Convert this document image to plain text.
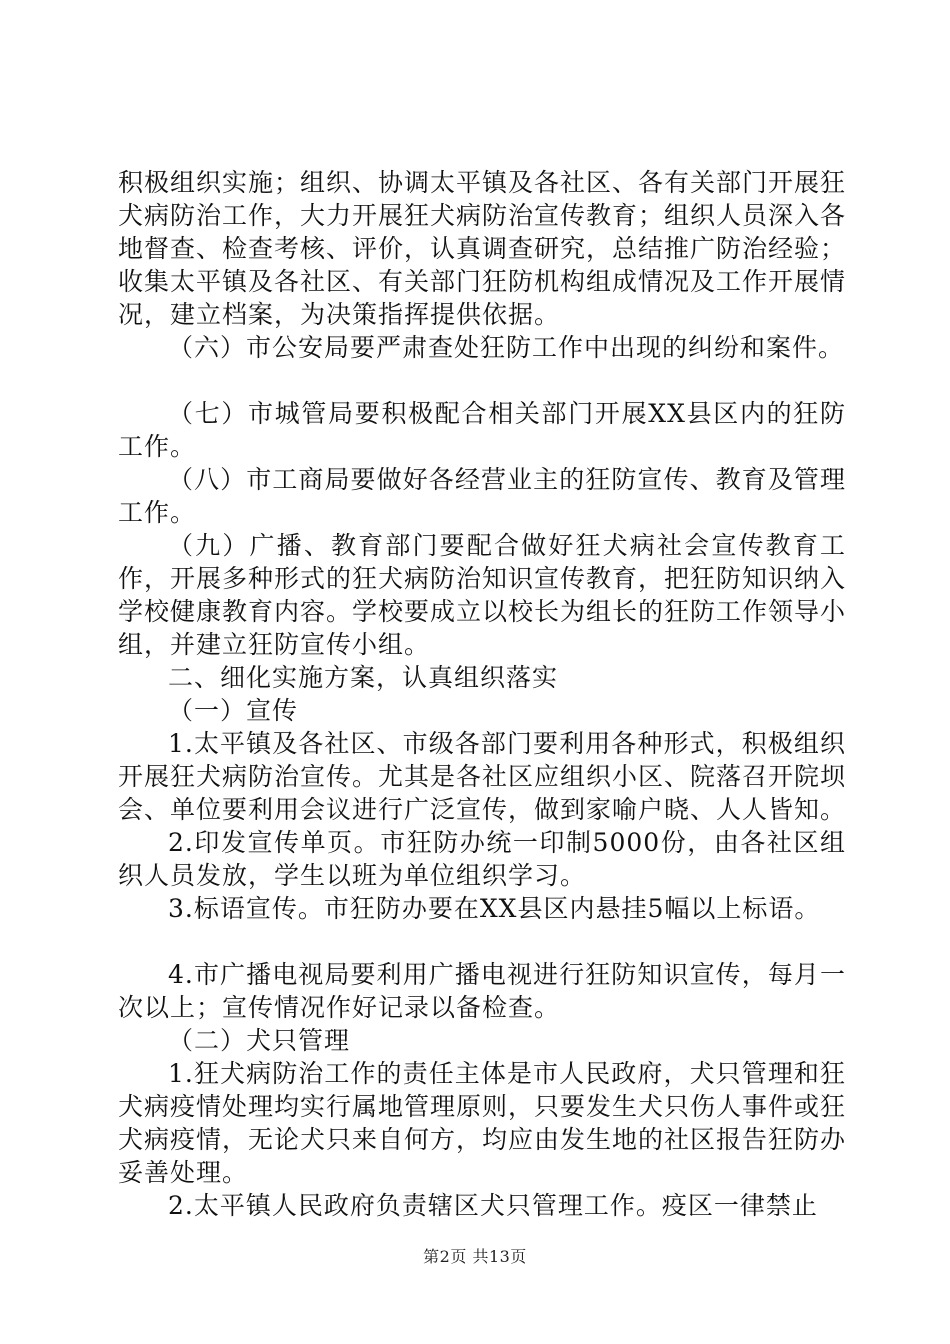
积极组织实施；组织、协调太平镇及各社区、各有关部门开展狂犬病防治工作，大力开展狂犬病防治宣传教育；组织人员深入各地督查、检查考核、评价，认真调查研究，总结推广防治经验；收集太平镇及各社区、有关部门狂防机构组成情况及工作开展情况，建立档案，为决策指挥提供依据。

（六）市公安局要严肃查处狂防工作中出现的纠纷和案件。

（七）市城管局要积极配合相关部门开展XX县区内的狂防工作。

（八）市工商局要做好各经营业主的狂防宣传、教育及管理工作。

（九）广播、教育部门要配合做好狂犬病社会宣传教育工作，开展多种形式的狂犬病防治知识宣传教育，把狂防知识纳入学校健康教育内容。学校要成立以校长为组长的狂防工作领导小组，并建立狂防宣传小组。

二、细化实施方案，认真组织落实

（一）宣传

1.太平镇及各社区、市级各部门要利用各种形式，积极组织开展狂犬病防治宣传。尤其是各社区应组织小区、院落召开院坝会、单位要利用会议进行广泛宣传，做到家喻户晓、人人皆知。

2.印发宣传单页。市狂防办统一印制5000份，由各社区组织人员发放，学生以班为单位组织学习。

3.标语宣传。市狂防办要在XX县区内悬挂5幅以上标语。

4.市广播电视局要利用广播电视进行狂防知识宣传，每月一次以上；宣传情况作好记录以备检查。

（二）犬只管理

1.狂犬病防治工作的责任主体是市人民政府，犬只管理和狂犬病疫情处理均实行属地管理原则，只要发生犬只伤人事件或狂犬病疫情，无论犬只来自何方，均应由发生地的社区报告狂防办妥善处理。

2.太平镇人民政府负责辖区犬只管理工作。疫区一律禁止

第2页 共13页
